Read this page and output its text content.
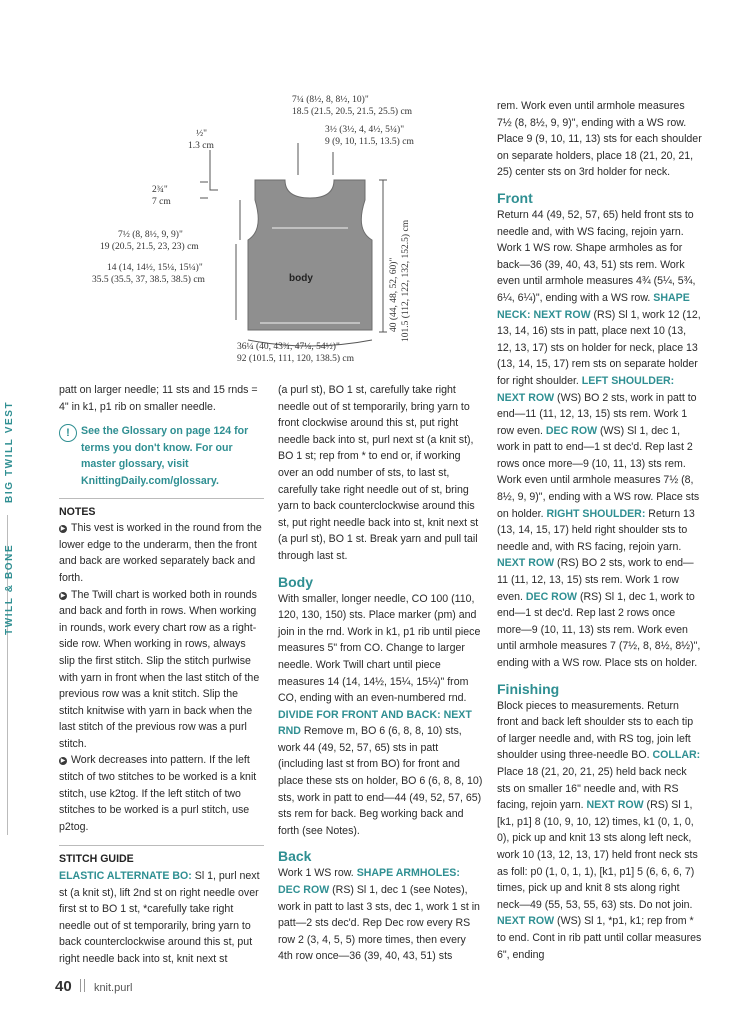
BIG TWILL VEST
TWILL & BONE
7¼ (8½, 8, 8½, 10)"
18.5 (21.5, 20.5, 21.5, 25.5) cm
3½ (3½, 4, 4½, 5¼)"
9 (9, 10, 11.5, 13.5) cm
½"
1.3 cm
2¾"
7 cm
7½ (8, 8½, 9, 9)"
19 (20.5, 21.5, 23, 23) cm
14 (14, 14½, 15¼, 15¼)"
35.5 (35.5, 37, 38.5, 38.5) cm	body	40 (44, 48, 52, 60)" 101.5 (112, 122, 132, 152.5) cm
36¼ (40, 43¾, 47¼, 54½)"
92 (101.5, 111, 120, 138.5) cm

patt on larger needle; 11 sts and 15 rnds = 4" in k1, p1 rib on smaller needle.

!	See the Glossary on page 124 for terms you don't know. For our master glossary, visit KnittingDaily.com/glossary.

NOTES

▶ This vest is worked in the round from the lower edge to the underarm, then the front and back are worked separately back and forth.

▶ The Twill chart is worked both in rounds and back and forth in rows. When working in rounds, work every chart row as a right-side row. When working in rows, always slip the first stitch. Slip the stitch purlwise with yarn in front when the last stitch of the previous row was a knit stitch. Slip the stitch knitwise with yarn in back when the last stitch of the previous row was a purl stitch.

▶ Work decreases into pattern. If the left stitch of two stitches to be worked is a knit stitch, use k2tog. If the left stitch of two stitches to be worked is a purl stitch, use p2tog.

STITCH GUIDE

ELASTIC ALTERNATE BO: Sl 1, purl next st (a knit st), lift 2nd st on right needle over first st to BO 1 st, *carefully take right needle out of st temporarily, bring yarn to back counterclockwise around this st, put right needle back into st, knit next st

(a purl st), BO 1 st, carefully take right needle out of st temporarily, bring yarn to front clockwise around this st, put right needle back into st, purl next st (a knit st), BO 1 st; rep from * to end or, if working over an odd number of sts, to last st, carefully take right needle out of st, bring yarn to back counterclockwise around this st, put right needle back into st, knit next st (a purl st), BO 1 st. Break yarn and pull tail through last st.

Body

With smaller, longer needle, CO 100 (110, 120, 130, 150) sts. Place marker (pm) and join in the rnd. Work in k1, p1 rib until piece measures 5" from CO. Change to larger needle. Work Twill chart until piece measures 14 (14, 14½, 15¼, 15¼)" from CO, ending with an even-numbered rnd. DIVIDE FOR FRONT AND BACK: NEXT RND Remove m, BO 6 (6, 8, 8, 10) sts, work 44 (49, 52, 57, 65) sts in patt (including last st from BO) for front and place these sts on holder, BO 6 (6, 8, 8, 10) sts, work in patt to end—44 (49, 52, 57, 65) sts rem for back. Beg working back and forth (see Notes).

Back

Work 1 WS row. SHAPE ARMHOLES: DEC ROW (RS) Sl 1, dec 1 (see Notes), work in patt to last 3 sts, dec 1, work 1 st in patt—2 sts dec'd. Rep Dec row every RS row 2 (3, 4, 5, 5) more times, then every 4th row once—36 (39, 40, 43, 51) sts

rem. Work even until armhole measures 7½ (8, 8½, 9, 9)", ending with a WS row. Place 9 (9, 10, 11, 13) sts for each shoulder on separate holders, place 18 (21, 20, 21, 25) center sts on 3rd holder for neck.

Front

Return 44 (49, 52, 57, 65) held front sts to needle and, with WS facing, rejoin yarn. Work 1 WS row. Shape armholes as for back—36 (39, 40, 43, 51) sts rem. Work even until armhole measures 4¾ (5¼, 5¾, 6¼, 6¼)", ending with a WS row. SHAPE NECK: NEXT ROW (RS) Sl 1, work 12 (12, 13, 14, 16) sts in patt, place next 10 (13, 12, 13, 17) sts on holder for neck, place 13 (13, 14, 15, 17) rem sts on separate holder for right shoulder. LEFT SHOULDER: NEXT ROW (WS) BO 2 sts, work in patt to end—11 (11, 12, 13, 15) sts rem. Work 1 row even. DEC ROW (WS) Sl 1, dec 1, work in patt to end—1 st dec'd. Rep last 2 rows once more—9 (10, 11, 13) sts rem. Work even until armhole measures 7½ (8, 8½, 9, 9)", ending with a WS row. Place sts on holder. RIGHT SHOULDER: Return 13 (13, 14, 15, 17) held right shoulder sts to needle and, with RS facing, rejoin yarn. NEXT ROW (RS) BO 2 sts, work to end—11 (11, 12, 13, 15) sts rem. Work 1 row even. DEC ROW (RS) Sl 1, dec 1, work to end—1 st dec'd. Rep last 2 rows once more—9 (10, 11, 13) sts rem. Work even until armhole measures 7 (7½, 8, 8½, 8½)", ending with a WS row. Place sts on holder.

Finishing

Block pieces to measurements. Return front and back left shoulder sts to each tip of larger needle and, with RS tog, join left shoulder using three-needle BO. COLLAR: Place 18 (21, 20, 21, 25) held back neck sts on smaller 16" needle and, with RS facing, rejoin yarn. NEXT ROW (RS) Sl 1, [k1, p1] 8 (10, 9, 10, 12) times, k1 (0, 1, 0, 0), pick up and knit 13 sts along left neck, work 10 (13, 12, 13, 17) held front neck sts as foll: p0 (1, 0, 1, 1), [k1, p1] 5 (6, 6, 6, 7) times, pick up and knit 8 sts along right neck—49 (55, 53, 55, 63) sts. Do not join. NEXT ROW (WS) Sl 1, *p1, k1; rep from * to end. Cont in rib patt until collar measures 6", ending

40 knit.purl
